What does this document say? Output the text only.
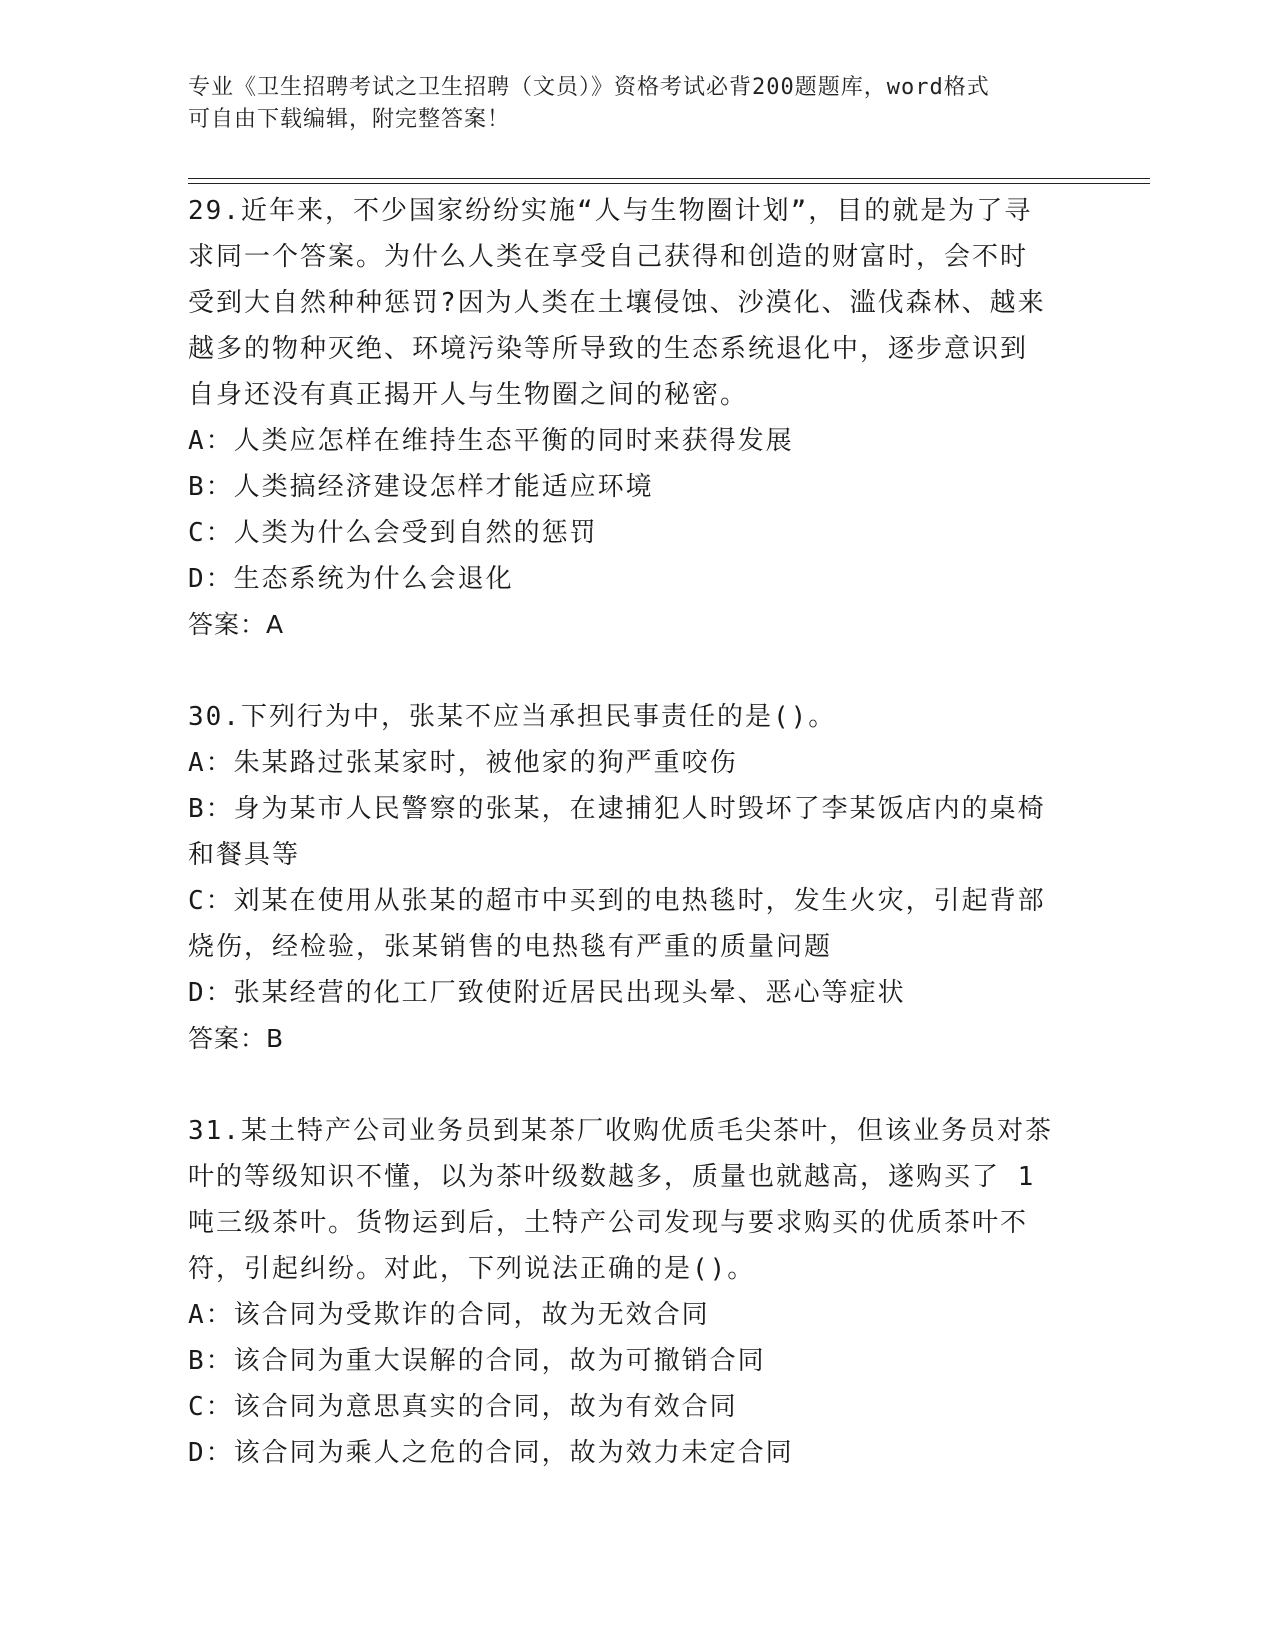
专业《卫生招聘考试之卫生招聘（文员）》资格考试必背200题题库，word格式
可自由下载编辑，附完整答案！

29.近年来，不少国家纷纷实施“人与生物圈计划”，目的就是为了寻

求同一个答案。为什么人类在享受自己获得和创造的财富时，会不时

受到大自然种种惩罚?因为人类在土壤侵蚀、沙漠化、滥伐森林、越来

越多的物种灭绝、环境污染等所导致的生态系统退化中，逐步意识到

自身还没有真正揭开人与生物圈之间的秘密。

A：人类应怎样在维持生态平衡的同时来获得发展

B：人类搞经济建设怎样才能适应环境

C：人类为什么会受到自然的惩罚

D：生态系统为什么会退化

答案：A

30.下列行为中，张某不应当承担民事责任的是()。

A：朱某路过张某家时，被他家的狗严重咬伤

B：身为某市人民警察的张某，在逮捕犯人时毁坏了李某饭店内的桌椅

和餐具等

C：刘某在使用从张某的超市中买到的电热毯时，发生火灾，引起背部

烧伤，经检验，张某销售的电热毯有严重的质量问题

D：张某经营的化工厂致使附近居民出现头晕、恶心等症状

答案：B

31.某土特产公司业务员到某茶厂收购优质毛尖茶叶，但该业务员对茶

叶的等级知识不懂，以为茶叶级数越多，质量也就越高，遂购买了 1

吨三级茶叶。货物运到后，土特产公司发现与要求购买的优质茶叶不

符，引起纠纷。对此，下列说法正确的是()。

A：该合同为受欺诈的合同，故为无效合同

B：该合同为重大误解的合同，故为可撤销合同

C：该合同为意思真实的合同，故为有效合同

D：该合同为乘人之危的合同，故为效力未定合同
